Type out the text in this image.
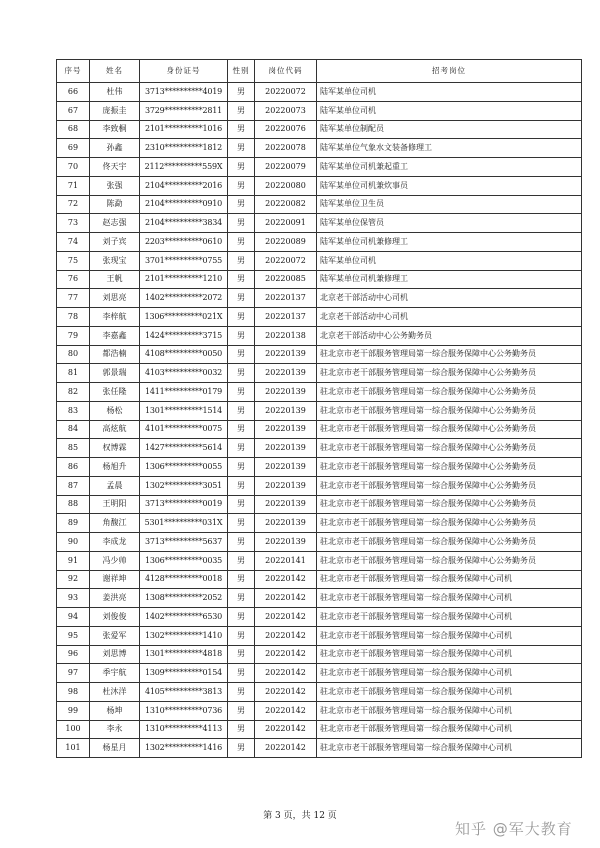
序号	姓名	身份证号	性别	岗位代码	招考岗位
66	杜伟	3713**********4019	男	20220072	陆军某单位司机
67	庞振圭	3729**********2811	男	20220073	陆军某单位司机
68	李致桐	2101**********1016	男	20220076	陆军某单位制配员
69	孙鑫	2310**********1812	男	20220078	陆军某单位气象水文装备修理工
70	佟天宇	2112**********559X	男	20220079	陆军某单位司机兼起重工
71	张强	2104**********2016	男	20220080	陆军某单位司机兼炊事员
72	陈勐	2104**********0910	男	20220082	陆军某单位卫生员
73	赵志强	2104**********3834	男	20220091	陆军某单位保管员
74	刘子宾	2203**********0610	男	20220089	陆军某单位司机兼修理工
75	张现宝	3701**********0755	男	20220072	陆军某单位司机
76	王帆	2101**********1210	男	20220085	陆军某单位司机兼修理工
77	刘思亮	1402**********2072	男	20220137	北京老干部活动中心司机
78	李梓航	1306**********021X	男	20220137	北京老干部活动中心司机
79	李嘉鑫	1424**********3715	男	20220138	北京老干部活动中心公务勤务员
80	都浩楠	4108**********0050	男	20220139	驻北京市老干部服务管理局第一综合服务保障中心公务勤务员
81	郭景瑞	4103**********0032	男	20220139	驻北京市老干部服务管理局第一综合服务保障中心公务勤务员
82	张任隆	1411**********0179	男	20220139	驻北京市老干部服务管理局第一综合服务保障中心公务勤务员
83	杨松	1301**********1514	男	20220139	驻北京市老干部服务管理局第一综合服务保障中心公务勤务员
84	高炫航	4101**********0075	男	20220139	驻北京市老干部服务管理局第一综合服务保障中心公务勤务员
85	权博霖	1427**********5614	男	20220139	驻北京市老干部服务管理局第一综合服务保障中心公务勤务员
86	杨旭升	1306**********0055	男	20220139	驻北京市老干部服务管理局第一综合服务保障中心公务勤务员
87	孟晨	1302**********3051	男	20220139	驻北京市老干部服务管理局第一综合服务保障中心公务勤务员
88	王明阳	3713**********0019	男	20220139	驻北京市老干部服务管理局第一综合服务保障中心公务勤务员
89	角馥江	5301**********031X	男	20220139	驻北京市老干部服务管理局第一综合服务保障中心公务勤务员
90	李成龙	3713**********5637	男	20220139	驻北京市老干部服务管理局第一综合服务保障中心公务勤务员
91	冯少帅	1306**********0035	男	20220141	驻北京市老干部服务管理局第一综合服务保障中心公务勤务员
92	谢祥坤	4128**********0018	男	20220142	驻北京市老干部服务管理局第一综合服务保障中心司机
93	姜洪亮	1308**********2052	男	20220142	驻北京市老干部服务管理局第一综合服务保障中心司机
94	刘俊俊	1402**********6530	男	20220142	驻北京市老干部服务管理局第一综合服务保障中心司机
95	张爱军	1302**********1410	男	20220142	驻北京市老干部服务管理局第一综合服务保障中心司机
96	刘思博	1301**********4818	男	20220142	驻北京市老干部服务管理局第一综合服务保障中心司机
97	季宇航	1309**********0154	男	20220142	驻北京市老干部服务管理局第一综合服务保障中心司机
98	杜沐洋	4105**********3813	男	20220142	驻北京市老干部服务管理局第一综合服务保障中心司机
99	杨坤	1310**********0736	男	20220142	驻北京市老干部服务管理局第一综合服务保障中心司机
100	李永	1310**********4113	男	20220142	驻北京市老干部服务管理局第一综合服务保障中心司机
101	杨星月	1302**********1416	男	20220142	驻北京市老干部服务管理局第一综合服务保障中心司机
第 3 页，共 12 页
知乎 @军大教育
